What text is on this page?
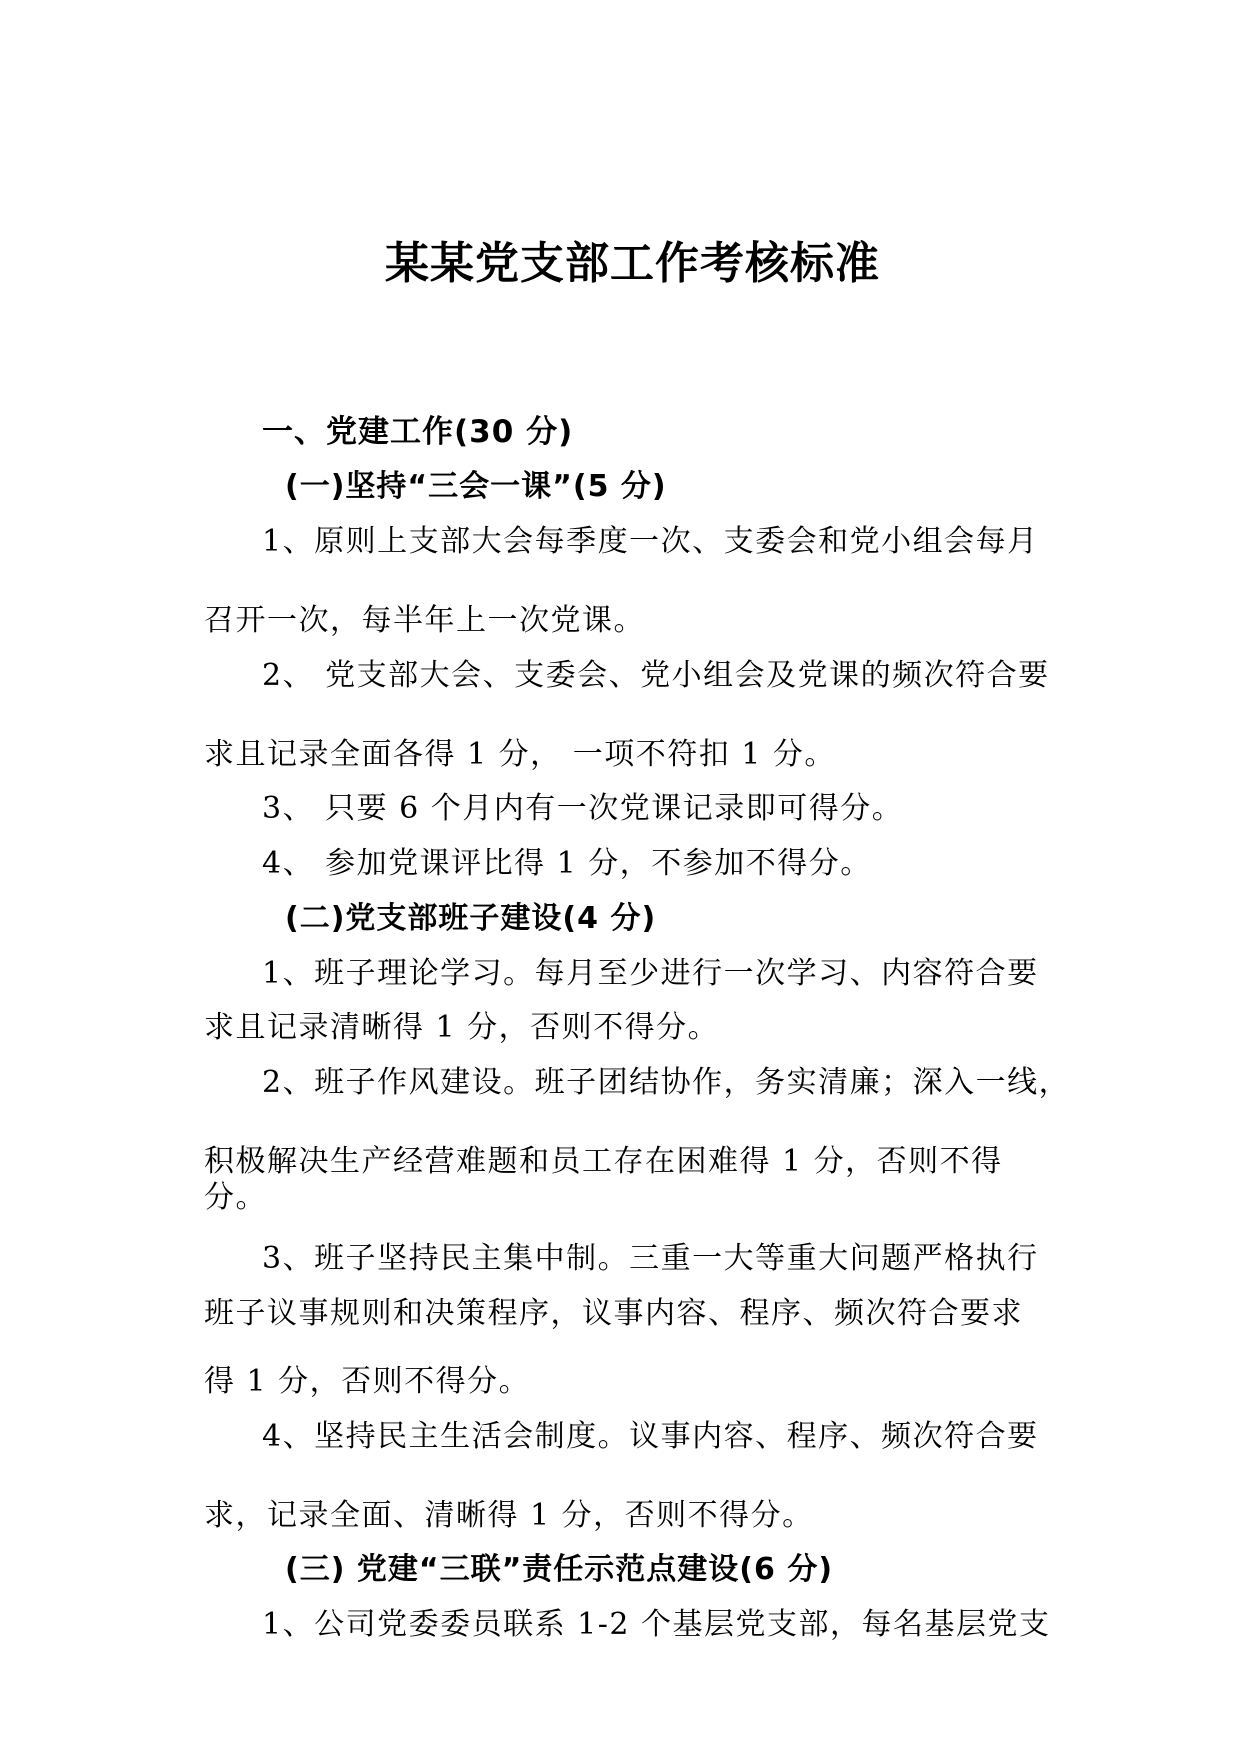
某某党支部工作考核标准
一、党建工作(30 分)
(一)坚持“三会一课”(5 分)
1、原则上支部大会每季度一次、支委会和党小组会每月
召开一次，每半年上一次党课。
2、 党支部大会、支委会、党小组会及党课的频次符合要
求且记录全面各得 1 分， 一项不符扣 1 分。
3、 只要 6 个月内有一次党课记录即可得分。
4、 参加党课评比得 1 分，不参加不得分。
(二)党支部班子建设(4 分)
1、班子理论学习。每月至少进行一次学习、内容符合要
求且记录清晰得 1 分，否则不得分。
2、班子作风建设。班子团结协作，务实清廉；深入一线，
积极解决生产经营难题和员工存在困难得 1 分，否则不得
分。
3、班子坚持民主集中制。三重一大等重大问题严格执行
班子议事规则和决策程序，议事内容、程序、频次符合要求
得 1 分，否则不得分。
4、坚持民主生活会制度。议事内容、程序、频次符合要
求，记录全面、清晰得 1 分，否则不得分。
(三) 党建“三联”责任示范点建设(6 分)
1、公司党委委员联系 1-2 个基层党支部，每名基层党支
